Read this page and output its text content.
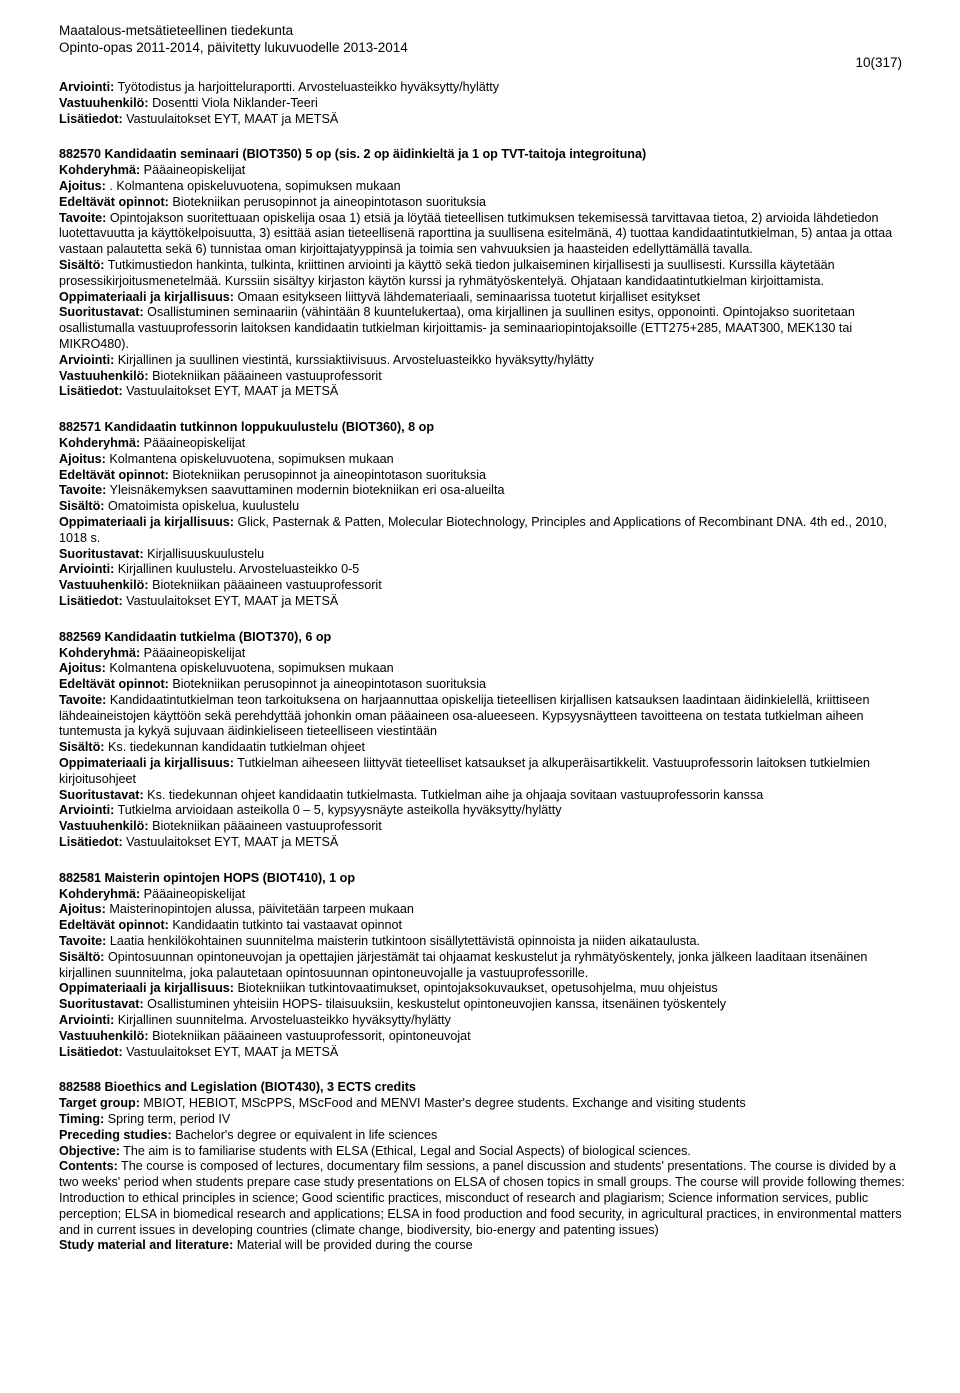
Maatalous-metsätieteellinen tiedekunta
Opinto-opas 2011-2014, päivitetty lukuvuodelle 2013-2014
10(317)
Arviointi: Työtodistus ja harjoitteluraportti. Arvosteluasteikko hyväksytty/hylätty
Vastuuhenkilö: Dosentti Viola Niklander-Teeri
Lisätiedot: Vastuulaitokset EYT, MAAT ja METSÄ
882570 Kandidaatin seminaari (BIOT350) 5 op (sis. 2 op äidinkieltä ja 1 op TVT-taitoja integroituna)
Kohderyhmä: Pääaineopiskelijat
Ajoitus: . Kolmantena opiskeluvuotena, sopimuksen mukaan
Edeltävät opinnot: Biotekniikan perusopinnot ja aineopintotason suorituksia
Tavoite: Opintojakson suoritettuaan opiskelija osaa 1) etsiä ja löytää tieteellisen tutkimuksen tekemisessä tarvittavaa tietoa, 2) arvioida lähdetiedon luotettavuutta ja käyttökelpoisuutta, 3) esittää asian tieteellisenä raporttina ja suullisena esitelmänä, 4) tuottaa kandidaatintutkielman, 5) antaa ja ottaa vastaan palautetta sekä 6) tunnistaa oman kirjoittajatyyppinsä ja toimia sen vahvuuksien ja haasteiden edellyttämällä tavalla.
Sisältö: Tutkimustiedon hankinta, tulkinta, kriittinen arviointi ja käyttö sekä tiedon julkaiseminen kirjallisesti ja suullisesti. Kurssilla käytetään prosessikirjoitusmenetelmää. Kurssiin sisältyy kirjaston käytön kurssi ja ryhmätyöskentelyä. Ohjataan kandidaatintutkielman kirjoittamista.
Oppimateriaali ja kirjallisuus: Omaan esitykseen liittyvä lähdemateriaali, seminaarissa tuotetut kirjalliset esitykset
Suoritustavat: Osallistuminen seminaariin (vähintään 8 kuuntelukertaa), oma kirjallinen ja suullinen esitys, opponointi. Opintojakso suoritetaan osallistumalla vastuuprofessorin laitoksen kandidaatin tutkielman kirjoittamis- ja seminaariopintojaksoille (ETT275+285, MAAT300, MEK130 tai MIKRO480).
Arviointi: Kirjallinen ja suullinen viestintä, kurssiaktiivisuus. Arvosteluasteikko hyväksytty/hylätty
Vastuuhenkilö: Biotekniikan pääaineen vastuuprofessorit
Lisätiedot: Vastuulaitokset EYT, MAAT ja METSÄ
882571 Kandidaatin tutkinnon loppukuulustelu (BIOT360), 8 op
Kohderyhmä: Pääaineopiskelijat
Ajoitus: Kolmantena opiskeluvuotena, sopimuksen mukaan
Edeltävät opinnot: Biotekniikan perusopinnot ja aineopintotason suorituksia
Tavoite: Yleisnäkemyksen saavuttaminen modernin biotekniikan eri osa-alueilta
Sisältö: Omatoimista opiskelua, kuulustelu
Oppimateriaali ja kirjallisuus: Glick, Pasternak & Patten, Molecular Biotechnology, Principles and Applications of Recombinant DNA. 4th ed., 2010, 1018 s.
Suoritustavat: Kirjallisuuskuulustelu
Arviointi: Kirjallinen kuulustelu. Arvosteluasteikko 0-5
Vastuuhenkilö: Biotekniikan pääaineen vastuuprofessorit
Lisätiedot: Vastuulaitokset EYT, MAAT ja METSÄ
882569 Kandidaatin tutkielma (BIOT370), 6 op
Kohderyhmä: Pääaineopiskelijat
Ajoitus: Kolmantena opiskeluvuotena, sopimuksen mukaan
Edeltävät opinnot: Biotekniikan perusopinnot ja aineopintotason suorituksia
Tavoite: Kandidaatintutkielman teon tarkoituksena on harjaannuttaa opiskelija tieteellisen kirjallisen katsauksen laadintaan äidinkielellä, kriittiseen lähdeaineistojen käyttöön sekä perehdyttää johonkin oman pääaineen osa-alueeseen. Kypsyysnäytteen tavoitteena on testata tutkielman aiheen tuntemusta ja kykyä sujuvaan äidinkieliseen tieteelliseen viestintään
Sisältö: Ks. tiedekunnan kandidaatin tutkielman ohjeet
Oppimateriaali ja kirjallisuus: Tutkielman aiheeseen liittyvät tieteelliset katsaukset ja alkuperäisartikkelit. Vastuuprofessorin laitoksen tutkielmien kirjoitusohjeet
Suoritustavat: Ks. tiedekunnan ohjeet kandidaatin tutkielmasta. Tutkielman aihe ja ohjaaja sovitaan vastuuprofessorin kanssa
Arviointi: Tutkielma arvioidaan asteikolla 0 – 5, kypsyysnäyte asteikolla hyväksytty/hylätty
Vastuuhenkilö: Biotekniikan pääaineen vastuuprofessorit
Lisätiedot: Vastuulaitokset EYT, MAAT ja METSÄ
882581 Maisterin opintojen HOPS (BIOT410), 1 op
Kohderyhmä: Pääaineopiskelijat
Ajoitus: Maisterinopintojen alussa, päivitetään tarpeen mukaan
Edeltävät opinnot: Kandidaatin tutkinto tai vastaavat opinnot
Tavoite: Laatia henkilökohtainen suunnitelma maisterin tutkintoon sisällytettävistä opinnoista ja niiden aikataulusta.
Sisältö: Opintosuunnan opintoneuvojan ja opettajien järjestämät tai ohjaamat keskustelut ja ryhmätyöskentely, jonka jälkeen laaditaan itsenäinen kirjallinen suunnitelma, joka palautetaan opintosuunnan opintoneuvojalle ja vastuuprofessorille.
Oppimateriaali ja kirjallisuus: Biotekniikan tutkintovaatimukset, opintojaksokuvaukset, opetusohjelma, muu ohjeistus
Suoritustavat: Osallistuminen yhteisiin HOPS- tilaisuuksiin, keskustelut opintoneuvojien kanssa, itsenäinen työskentely
Arviointi: Kirjallinen suunnitelma. Arvosteluasteikko hyväksytty/hylätty
Vastuuhenkilö: Biotekniikan pääaineen vastuuprofessorit, opintoneuvojat
Lisätiedot: Vastuulaitokset EYT, MAAT ja METSÄ
882588 Bioethics and Legislation (BIOT430), 3 ECTS credits
Target group: MBIOT, HEBIOT, MScPPS, MScFood and MENVI Master's degree students. Exchange and visiting students
Timing: Spring term, period IV
Preceding studies: Bachelor's degree or equivalent in life sciences
Objective: The aim is to familiarise students with ELSA (Ethical, Legal and Social Aspects) of biological sciences.
Contents: The course is composed of lectures, documentary film sessions, a panel discussion and students' presentations. The course is divided by a two weeks' period when students prepare case study presentations on ELSA of chosen topics in small groups. The course will provide following themes: Introduction to ethical principles in science; Good scientific practices, misconduct of research and plagiarism; Science information services, public perception; ELSA in biomedical research and applications; ELSA in food production and food security, in agricultural practices, in environmental matters and in current issues in developing countries (climate change, biodiversity, bio-energy and patenting issues)
Study material and literature: Material will be provided during the course
